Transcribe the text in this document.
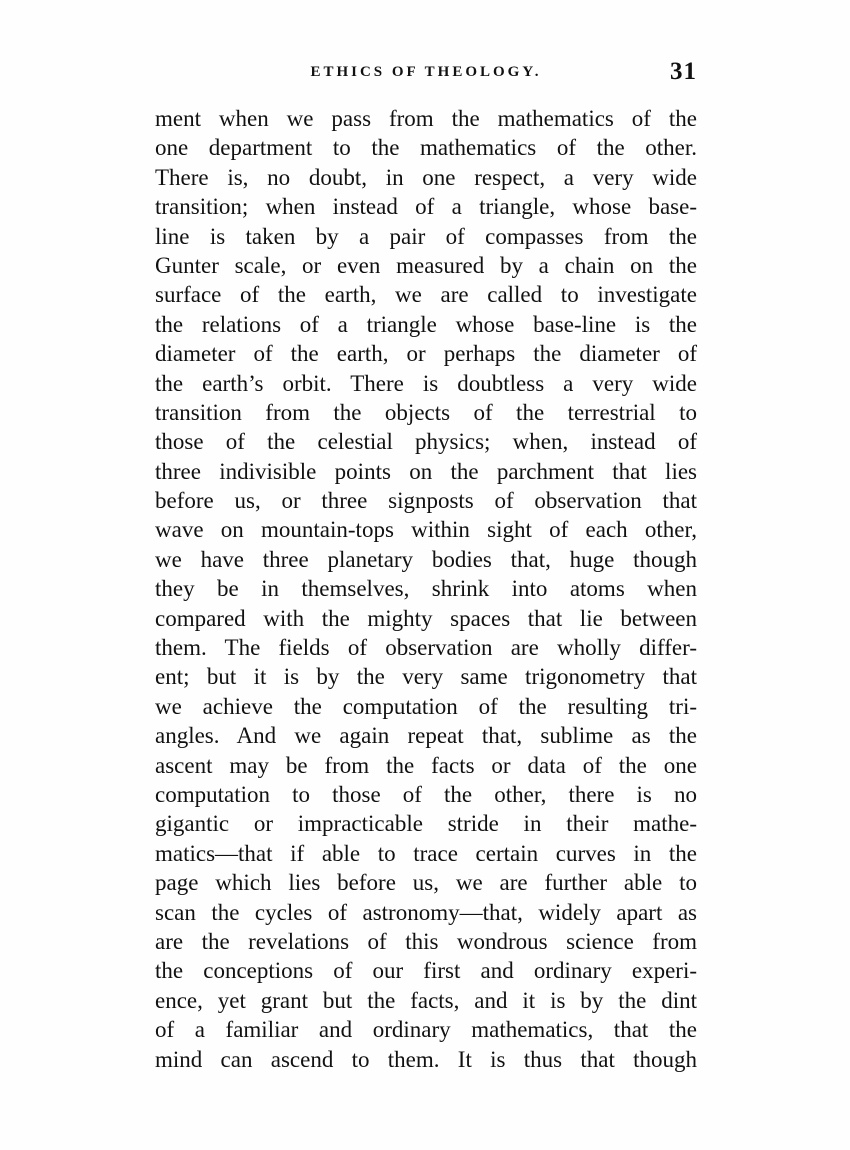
ETHICS OF THEOLOGY.	31
ment when we pass from the mathematics of the
one department to the mathematics of the other.
There is, no doubt, in one respect, a very wide
transition; when instead of a triangle, whose base-
line is taken by a pair of compasses from the
Gunter scale, or even measured by a chain on the
surface of the earth, we are called to investigate
the relations of a triangle whose base-line is the
diameter of the earth, or perhaps the diameter of
the earth’s orbit. There is doubtless a very wide
transition from the objects of the terrestrial to
those of the celestial physics; when, instead of
three indivisible points on the parchment that lies
before us, or three signposts of observation that
wave on mountain-tops within sight of each other,
we have three planetary bodies that, huge though
they be in themselves, shrink into atoms when
compared with the mighty spaces that lie between
them. The fields of observation are wholly differ-
ent; but it is by the very same trigonometry that
we achieve the computation of the resulting tri-
angles. And we again repeat that, sublime as the
ascent may be from the facts or data of the one
computation to those of the other, there is no
gigantic or impracticable stride in their mathe-
matics—that if able to trace certain curves in the
page which lies before us, we are further able to
scan the cycles of astronomy—that, widely apart as
are the revelations of this wondrous science from
the conceptions of our first and ordinary experi-
ence, yet grant but the facts, and it is by the dint
of a familiar and ordinary mathematics, that the
mind can ascend to them. It is thus that though
